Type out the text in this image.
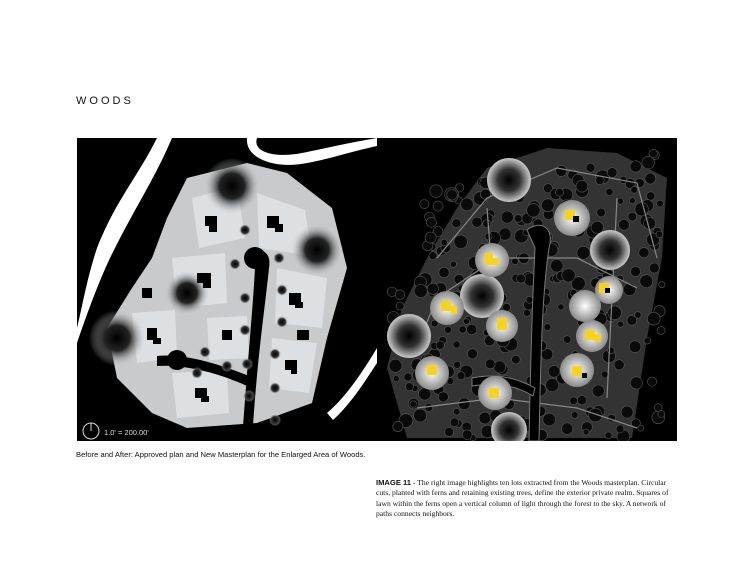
WOODS
1.0' = 200.00'
Before and After: Approved plan and New Masterplan for the Enlarged Area of Woods.
IMAGE 11 - The right image highlights ten lots extracted from the Woods masterplan. Circular cuts, planted with ferns and retaining existing trees, define the exterior private realm. Squares of lawn within the ferns open a vertical column of light through the forest to the sky. A network of paths connects neighbors.
